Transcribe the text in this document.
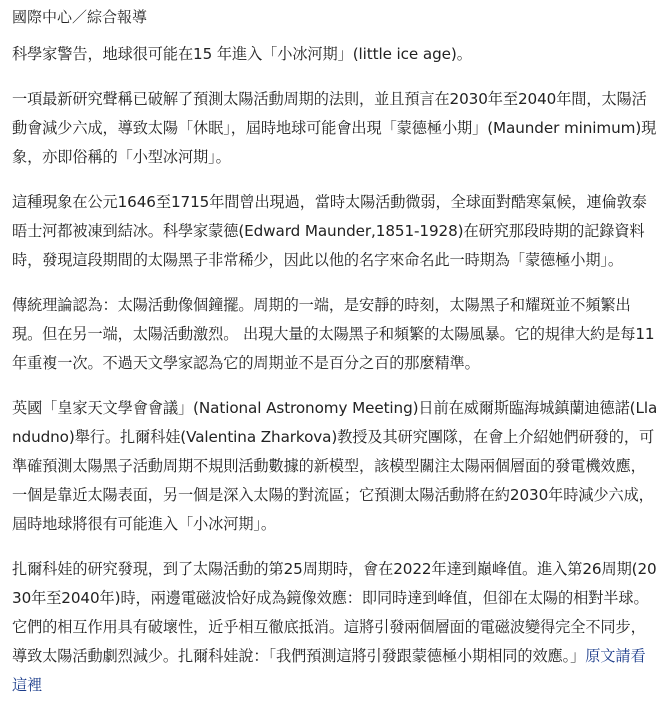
國際中心／綜合報導

科學家警告，地球很可能在15 年進入「小冰河期」(little ice age)。

一項最新研究聲稱已破解了預測太陽活動周期的法則，並且預言在2030年至2040年間，太陽活動會減少六成，導致太陽「休眠」，屆時地球可能會出現「蒙德極小期」(Maunder minimum)現象，亦即俗稱的「小型冰河期」。

這種現象在公元1646至1715年間曾出現過，當時太陽活動微弱，全球面對酷寒氣候，連倫敦泰晤士河都被凍到結冰。科學家蒙德(Edward Maunder,1851-1928)在研究那段時期的記錄資料時，發現這段期間的太陽黑子非常稀少，因此以他的名字來命名此一時期為「蒙德極小期」。

傳統理論認為：太陽活動像個鐘擺。周期的一端，是安靜的時刻，太陽黑子和耀斑並不頻繁出現。但在另一端，太陽活動激烈。 出現大量的太陽黑子和頻繁的太陽風暴。它的規律大約是每11年重複一次。不過天文學家認為它的周期並不是百分之百的那麼精準。

英國「皇家天文學會會議」(National Astronomy Meeting)日前在威爾斯臨海城鎮蘭迪德諾(Llandudno)舉行。扎爾科娃(Valentina Zharkova)教授及其研究團隊，在會上介紹她們研發的，可準確預測太陽黑子活動周期不規則活動數據的新模型，該模型關注太陽兩個層面的發電機效應，一個是靠近太陽表面，另一個是深入太陽的對流區；它預測太陽活動將在約2030年時減少六成，屆時地球將很有可能進入「小冰河期」。

扎爾科娃的研究發現，到了太陽活動的第25周期時，會在2022年達到巔峰值。進入第26周期(2030年至2040年)時，兩邊電磁波恰好成為鏡像效應：即同時達到峰值，但卻在太陽的相對半球。它們的相互作用具有破壞性，近乎相互徹底抵消。這將引發兩個層面的電磁波變得完全不同步，導致太陽活動劇烈減少。扎爾科娃說：「我們預測這將引發跟蒙德極小期相同的效應。」原文請看這裡
